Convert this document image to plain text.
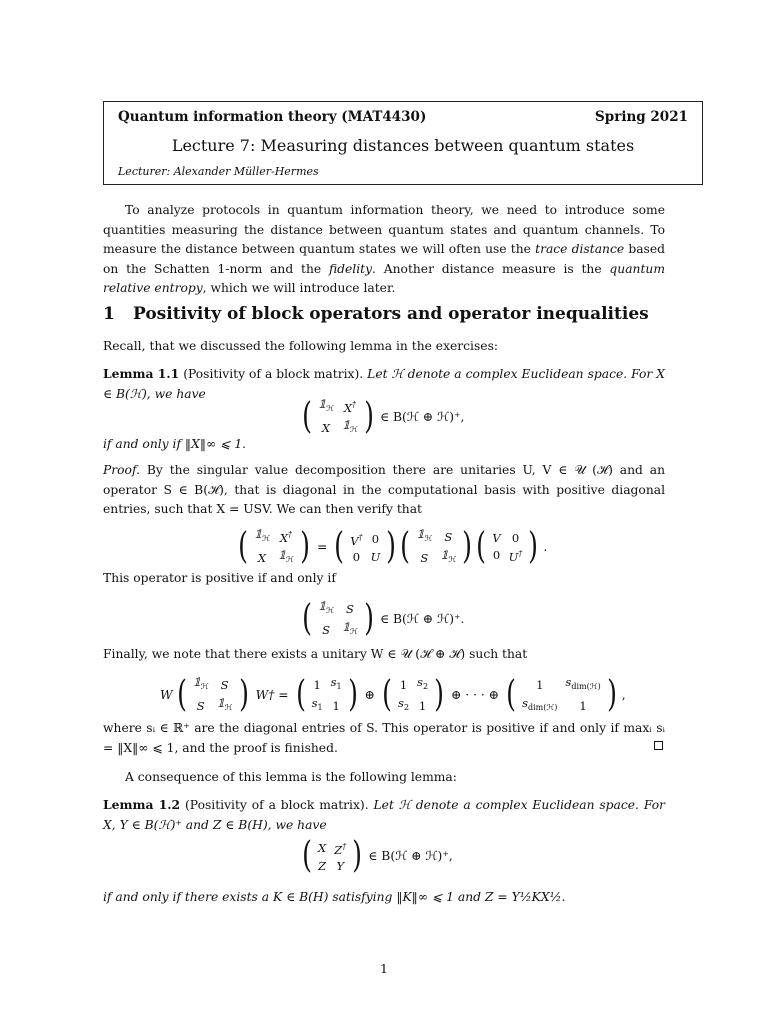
Quantum information theory (MAT4430)	Spring 2021
Lecture 7: Measuring distances between quantum states
Lecturer: Alexander Müller-Hermes
To analyze protocols in quantum information theory, we need to introduce some quantities measuring the distance between quantum states and quantum channels. To measure the distance between quantum states we will often use the trace distance based on the Schatten 1-norm and the fidelity. Another distance measure is the quantum relative entropy, which we will introduce later.
1 Positivity of block operators and operator inequalities
Recall, that we discussed the following lemma in the exercises:
Lemma 1.1 (Positivity of a block matrix). Let ℋ denote a complex Euclidean space. For X ∈ B(ℋ), we have
( $𝟙_ℋ$	X†
X	$𝟙_ℋ$ ) ∈ B(ℋ ⊕ ℋ)⁺,
if and only if ‖X‖∞ ⩽ 1.
Proof. By the singular value decomposition there are unitaries U, V ∈ 𝒰 (ℋ) and an operator S ∈ B(ℋ), that is diagonal in the computational basis with positive diagonal entries, such that X = USV. We can then verify that
( $𝟙_ℋ$	X†
X	$𝟙_ℋ$ ) = ( V†	0
0	U ) ( $𝟙_ℋ$	S
S	$𝟙_ℋ$ ) ( V	0
0	U† ) .
This operator is positive if and only if
( $𝟙_ℋ$	S
S	$𝟙_ℋ$ ) ∈ B(ℋ ⊕ ℋ)⁺.
Finally, we note that there exists a unitary W ∈ 𝒰 (ℋ ⊕ ℋ) such that
W ( $𝟙_ℋ$	S
S	$𝟙_ℋ$ ) W† = ( 1	$s_1$
$s_1$	1 ) ⊕ ( 1	$s_2$
$s_2$	1 ) ⊕ · · · ⊕ ( 1	$s_{dim(ℋ)}$
$s_{dim(ℋ)}$	1 ) ,
where sᵢ ∈ ℝ⁺ are the diagonal entries of S. This operator is positive if and only if maxᵢ sᵢ = ‖X‖∞ ⩽ 1, and the proof is finished.
A consequence of this lemma is the following lemma:
Lemma 1.2 (Positivity of a block matrix). Let ℋ denote a complex Euclidean space. For X, Y ∈ B(ℋ)⁺ and Z ∈ B(H), we have
( X	Z†
Z	Y ) ∈ B(ℋ ⊕ ℋ)⁺,
if and only if there exists a K ∈ B(H) satisfying ‖K‖∞ ⩽ 1 and Z = Y½KX½.
1
